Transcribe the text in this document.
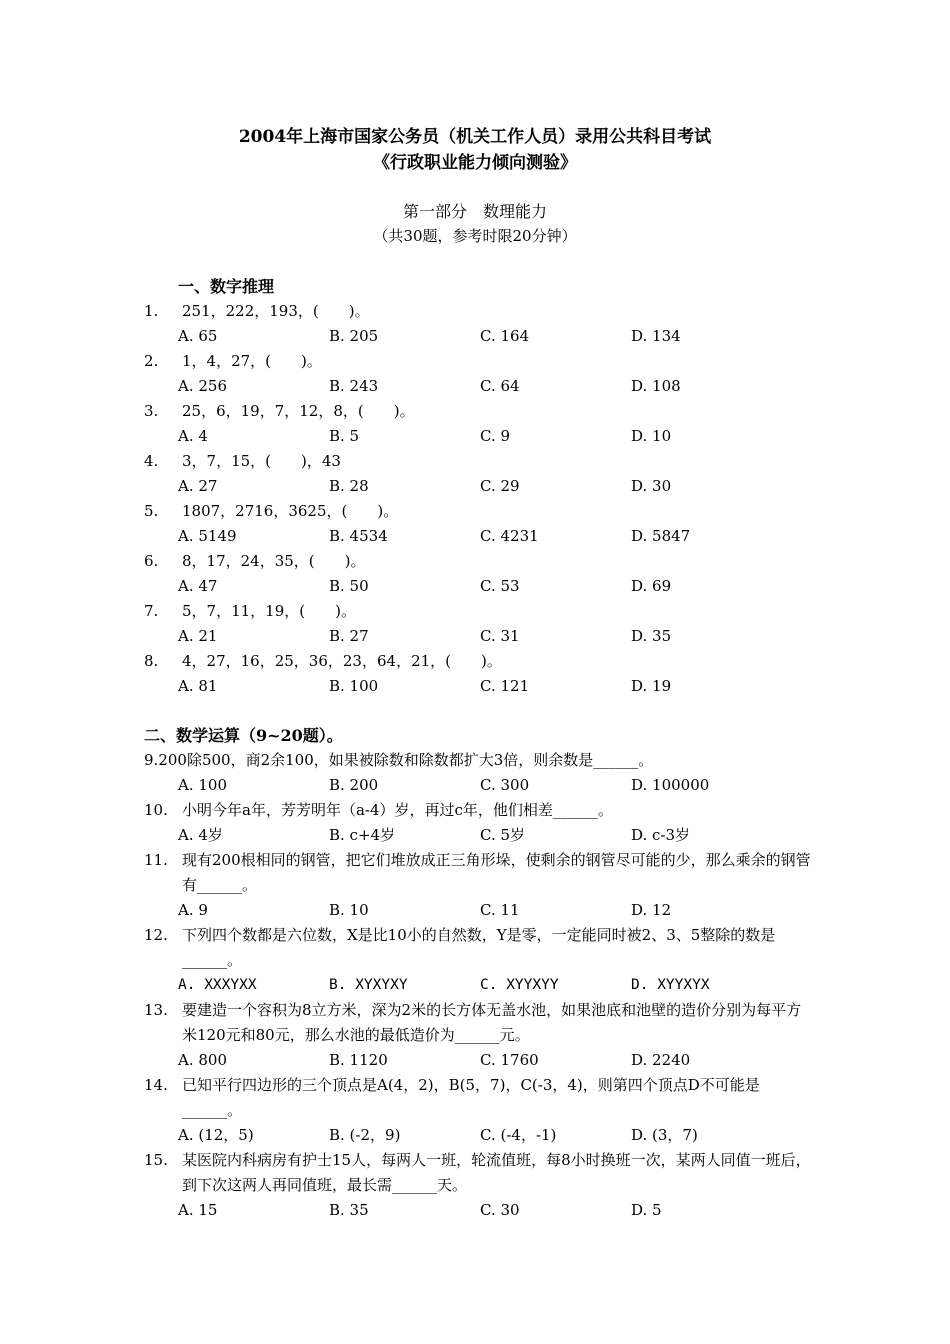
2004年上海市国家公务员（机关工作人员）录用公共科目考试
《行政职业能力倾向测验》
第一部分　数理能力
（共30题，参考时限20分钟）
一、数字推理
1.	251，222，193，(　　)。
A. 65	B. 205	C. 164	D. 134
2.	1，4，27，(　　)。
A. 256	B. 243	C. 64	D. 108
3.	25，6，19，7，12，8，(　　)。
A. 4	B. 5	C. 9	D. 10
4.	3，7，15，(　　)，43
A. 27	B. 28	C. 29	D. 30
5.	1807，2716，3625，(　　)。
A. 5149	B. 4534	C. 4231	D. 5847
6.	8，17，24，35，(　　)。
A. 47	B. 50	C. 53	D. 69
7.	5，7，11，19，(　　)。
A. 21	B. 27	C. 31	D. 35
8.	4，27，16，25，36，23，64，21，(　　)。
A. 81	B. 100	C. 121	D. 19
二、数学运算（9~20题）。
9. 200除500，商2余100，如果被除数和除数都扩大3倍，则余数是______。
A. 100	B. 200	C. 300	D. 100000
10. 小明今年a年，芳芳明年（a-4）岁，再过c年，他们相差______。
A. 4岁	B. c+4岁	C. 5岁	D. c-3岁
11. 现有200根相同的钢管，把它们堆放成正三角形垛，使剩余的钢管尽可能的少，那么乘余的钢管有______。
A. 9	B. 10	C. 11	D. 12
12. 下列四个数都是六位数，X是比10小的自然数，Y是零，一定能同时被2、3、5整除的数是______。
A. XXXYXX	B. XYXYXY	C. XYYXYY	D. XYYXYX
13. 要建造一个容积为8立方米，深为2米的长方体无盖水池，如果池底和池壁的造价分别为每平方米120元和80元，那么水池的最低造价为______元。
A. 800	B. 1120	C. 1760	D. 2240
14. 已知平行四边形的三个顶点是A(4，2)，B(5，7)，C(-3，4)，则第四个顶点D不可能是______。
A. (12，5)	B. (-2，9)	C. (-4，-1)	D. (3，7)
15. 某医院内科病房有护士15人，每两人一班，轮流值班，每8小时换班一次，某两人同值一班后，到下次这两人再同值班，最长需______天。
A. 15	B. 35	C. 30	D. 5
